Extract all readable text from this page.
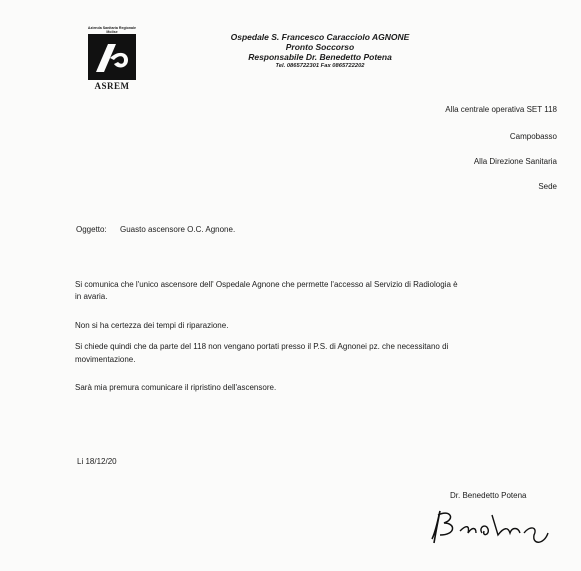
Azienda Sanitaria Regionale Molise
ASREM
Ospedale S. Francesco Caracciolo AGNONE
Pronto Soccorso
Responsabile Dr. Benedetto Potena
Tel. 0865722301 Fax 0865722202
Alla centrale operativa SET 118
Campobasso
Alla Direzione Sanitaria
Sede
Oggetto: Guasto ascensore O.C. Agnone.
Si comunica che l'unico ascensore dell' Ospedale Agnone che permette l'accesso al Servizio di Radiologia è
in avaria.
Non si ha certezza dei tempi di riparazione.
Si chiede quindi che da parte del 118 non vengano portati presso il P.S. di Agnonei pz. che necessitano di
movimentazione.
Sarà mia premura comunicare il ripristino dell'ascensore.
Li 18/12/20
Dr. Benedetto Potena
